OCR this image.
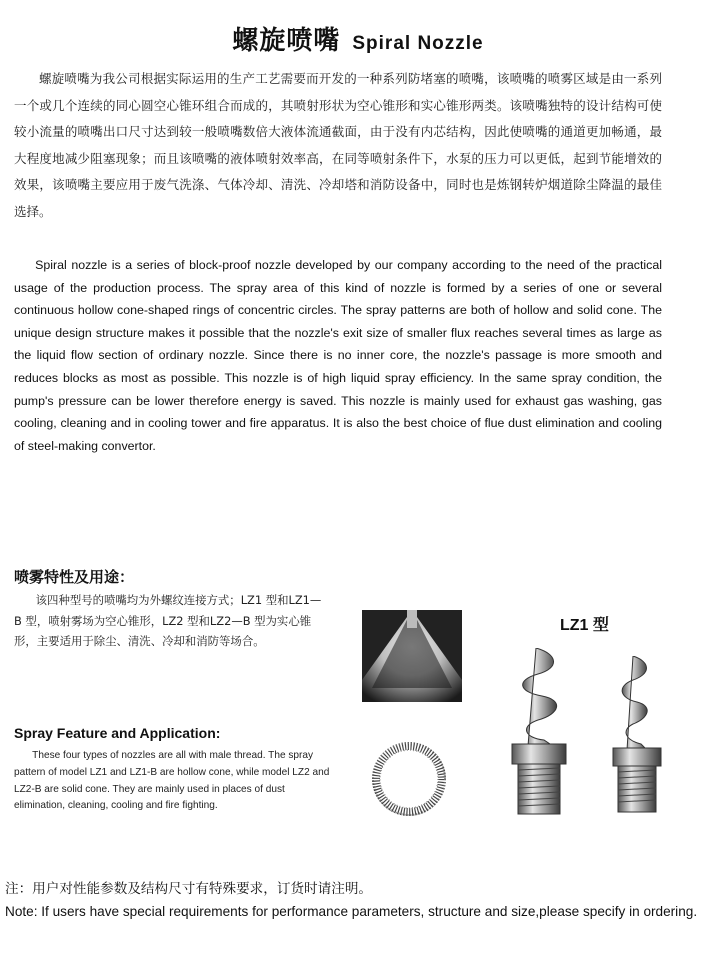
螺旋喷嘴 Spiral Nozzle
螺旋喷嘴为我公司根据实际运用的生产工艺需要而开发的一种系列防堵塞的喷嘴，该喷嘴的喷雾区域是由一系列一个或几个连续的同心圆空心锥环组合而成的，其喷射形状为空心锥形和实心锥形两类。该喷嘴独特的设计结构可使较小流量的喷嘴出口尺寸达到较一般喷嘴数倍大液体流通截面，由于没有内芯结构，因此使喷嘴的通道更加畅通，最大程度地减少阻塞现象；而且该喷嘴的液体喷射效率高，在同等喷射条件下，水泵的压力可以更低，起到节能增效的效果，该喷嘴主要应用于废气洗涤、气体冷却、清洗、冷却塔和消防设备中，同时也是炼钢转炉烟道除尘降温的最佳选择。
Spiral nozzle is a series of block-proof nozzle developed by our company according to the need of the practical usage of the production process. The spray area of this kind of nozzle is formed by a series of one or several continuous hollow cone-shaped rings of concentric circles. The spray patterns are both of hollow and solid cone. The unique design structure makes it possible that the nozzle's exit size of smaller flux reaches several times as large as the liquid flow section of ordinary nozzle. Since there is no inner core, the nozzle's passage is more smooth and reduces blocks as most as possible. This nozzle is of high liquid spray efficiency. In the same spray condition, the pump's pressure can be lower therefore energy is saved. This nozzle is mainly used for exhaust gas washing, gas cooling, cleaning and in cooling tower and fire apparatus. It is also the best choice of flue dust elimination and cooling of steel-making convertor.
喷雾特性及用途：
该四种型号的喷嘴均为外螺纹连接方式；LZ1 型和LZ1—B 型，喷射雾场为空心锥形，LZ2 型和LZ2—B 型为实心锥形，主要适用于除尘、清洗、冷却和消防等场合。
Spray Feature and Application:
These four types of nozzles are all with male thread. The spray pattern of model LZ1 and LZ1-B are hollow cone, while model LZ2 and LZ2-B are solid cone. They are mainly used in places of dust elimination, cleaning, cooling and fire fighting.
LZ1 型
注：用户对性能参数及结构尺寸有特殊要求，订货时请注明。
Note: If users have special requirements for performance parameters, structure and size,please specify in ordering.
